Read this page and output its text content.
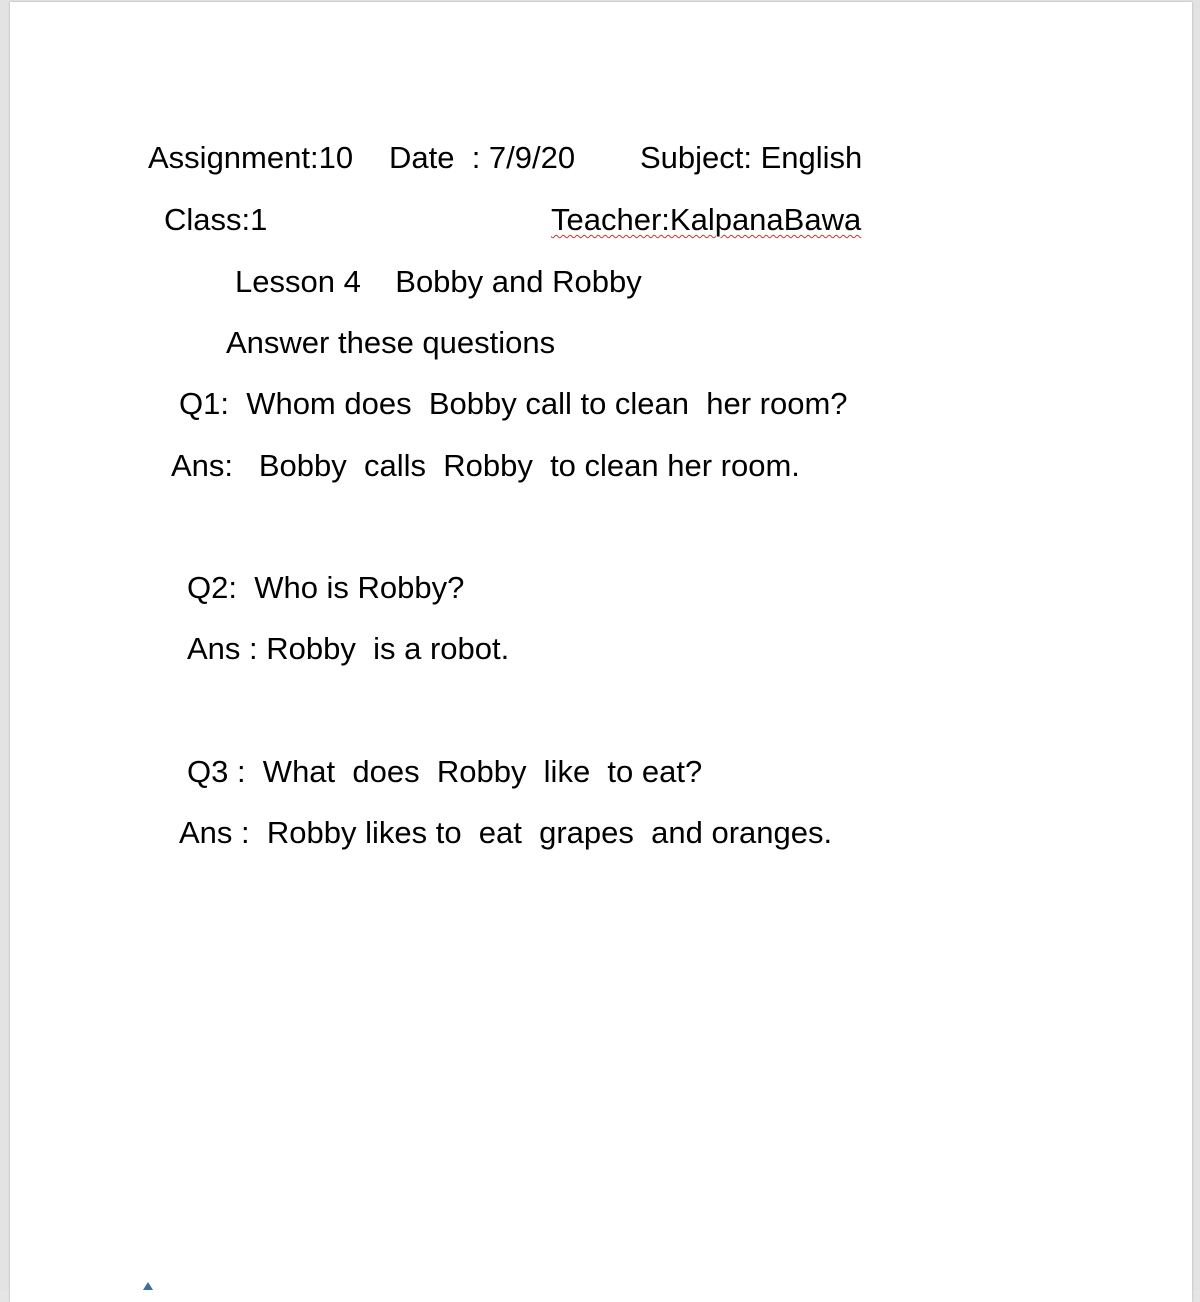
Assignment:10 Date  : 7/9/20 Subject: English
Class:1	Teacher:KalpanaBawa
Lesson 4    Bobby and Robby
Answer these questions
Q1:  Whom does  Bobby call to clean  her room?
Ans:   Bobby  calls  Robby  to clean her room.
Q2:  Who is Robby?
Ans : Robby  is a robot.
Q3 :  What  does  Robby  like  to eat?
Ans :  Robby likes to  eat  grapes  and oranges.
